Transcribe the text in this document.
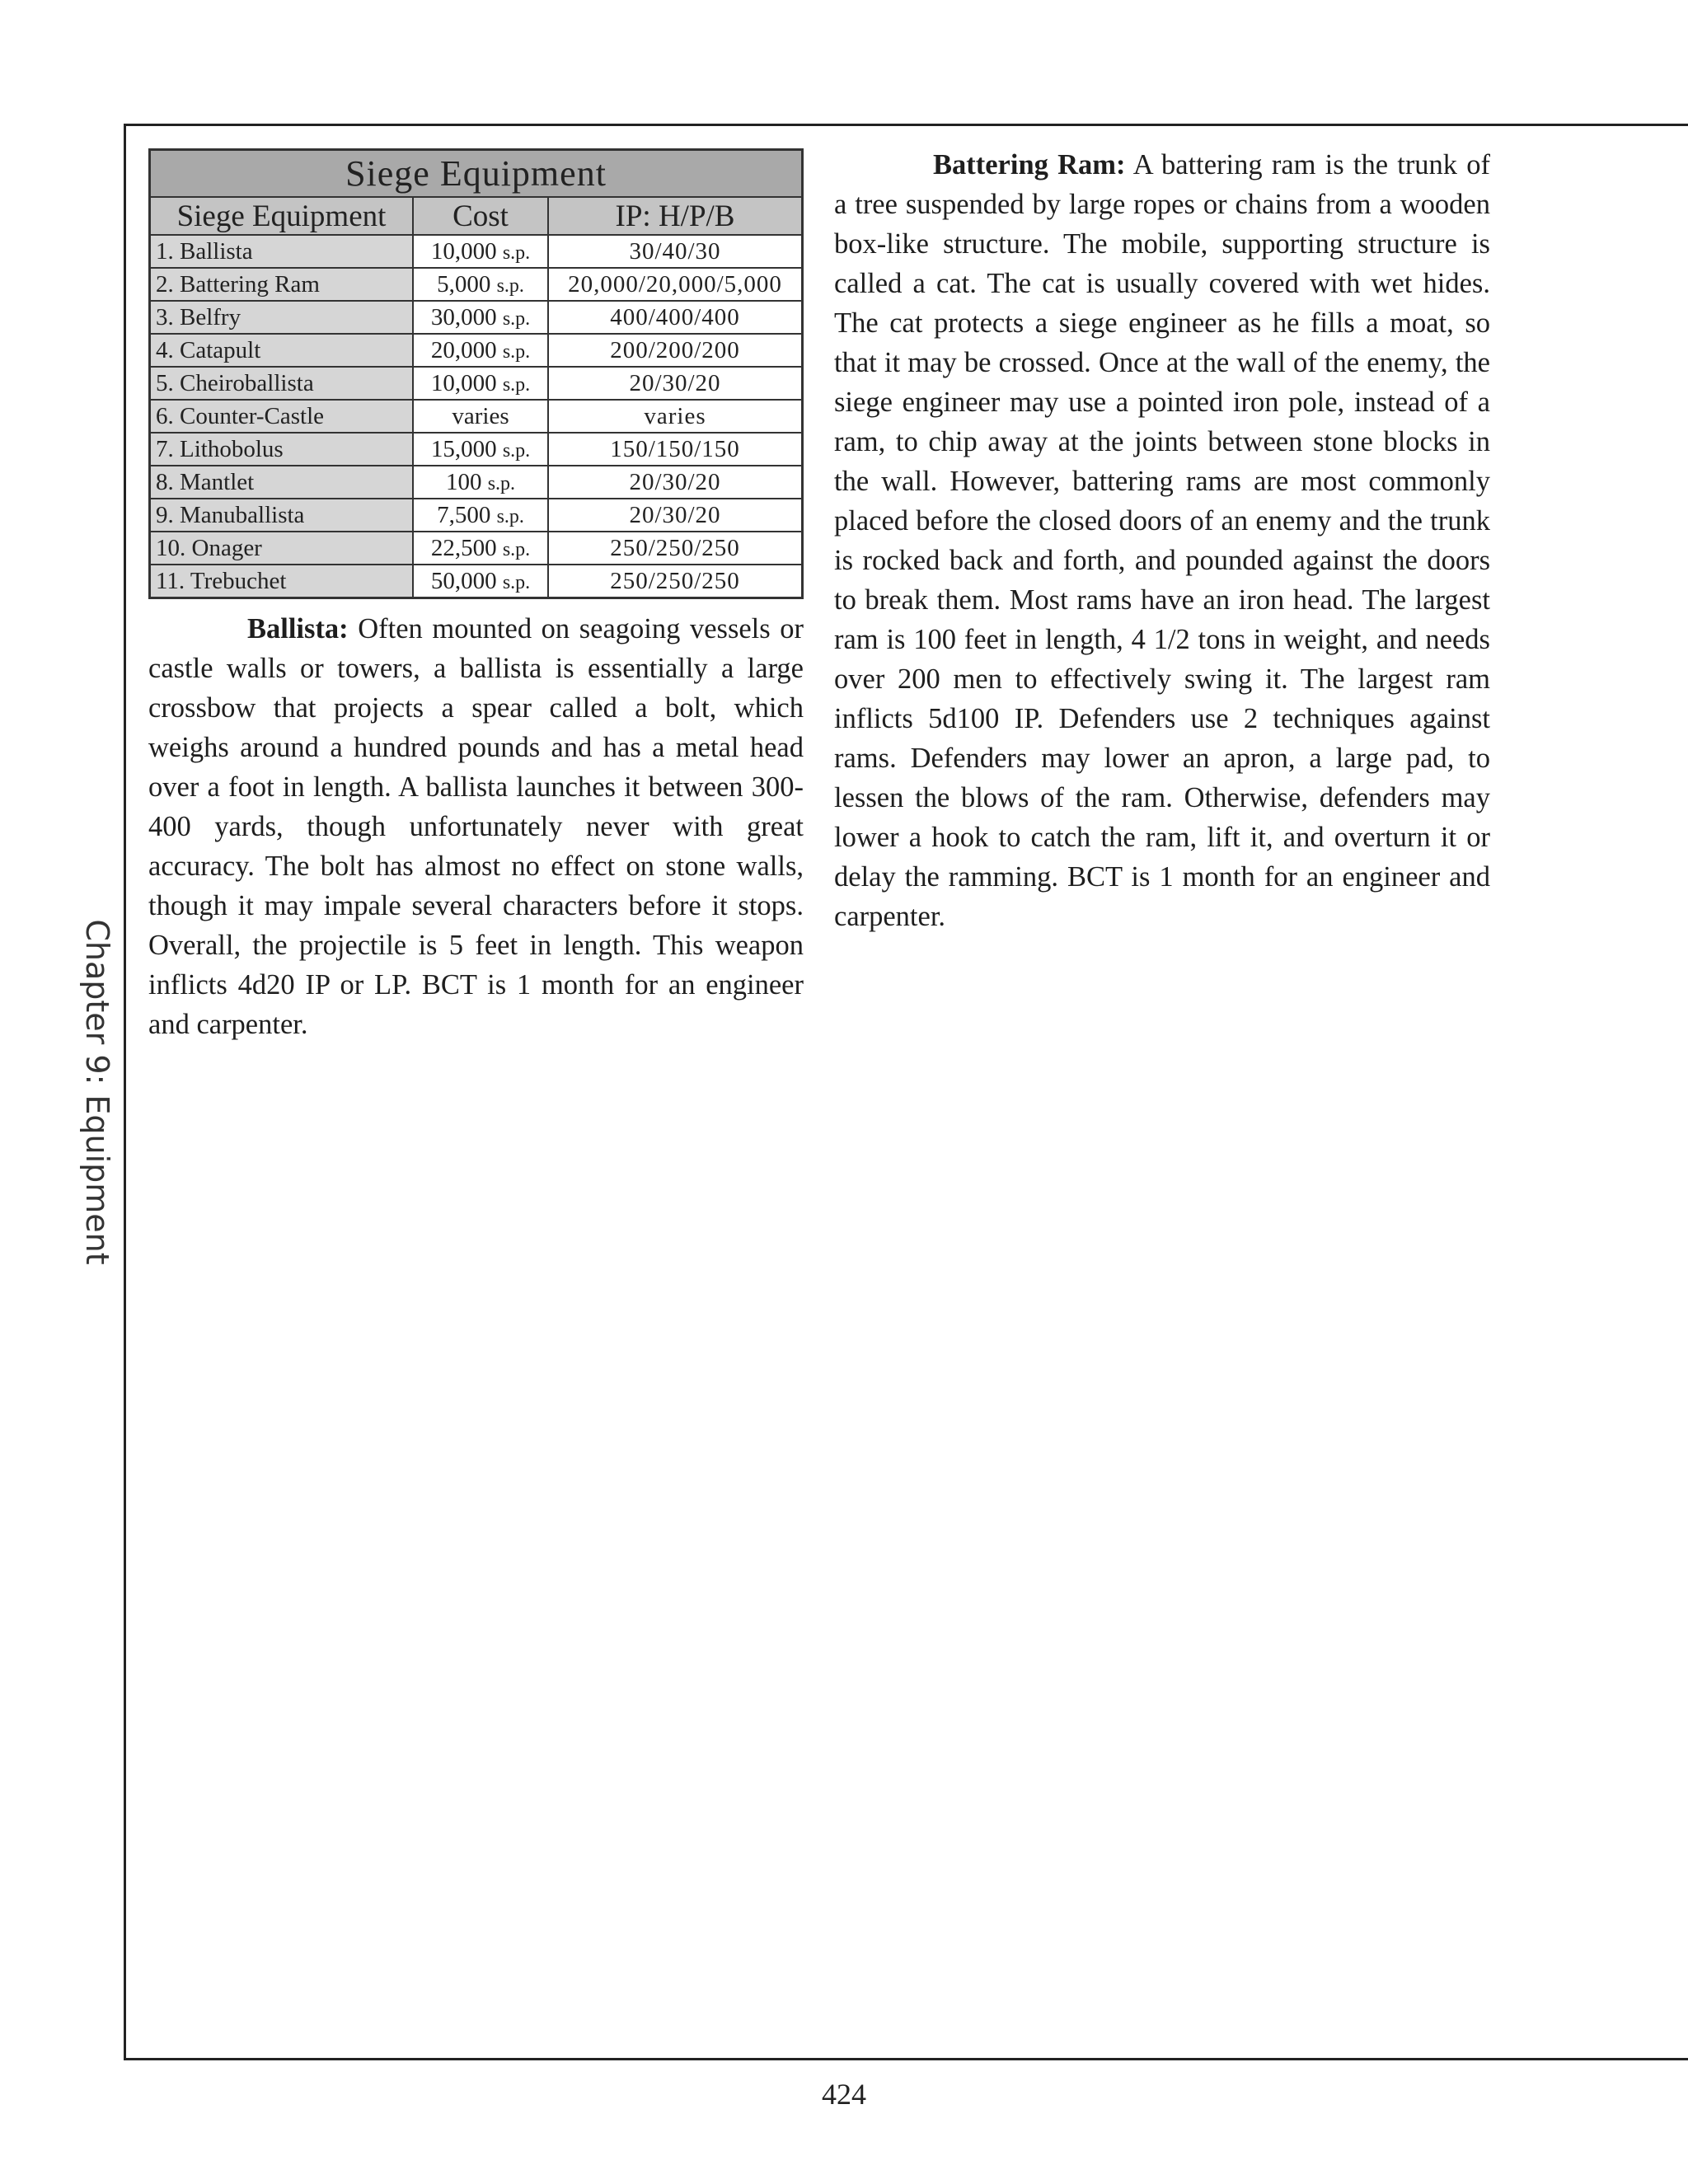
Chapter 9: Equipment
Siege Equipment		
Siege Equipment	Cost	IP: H/P/B
1. Ballista	10,000 s.p.	30/40/30
2. Battering Ram	5,000 s.p.	20,000/20,000/5,000
3. Belfry	30,000 s.p.	400/400/400
4. Catapult	20,000 s.p.	200/200/200
5. Cheiroballista	10,000 s.p.	20/30/20
6. Counter-Castle	varies	varies
7. Lithobolus	15,000 s.p.	150/150/150
8. Mantlet	100 s.p.	20/30/20
9. Manuballista	7,500 s.p.	20/30/20
10. Onager	22,500 s.p.	250/250/250
11. Trebuchet	50,000 s.p.	250/250/250

Ballista: Often mounted on seagoing vessels or castle walls or towers, a ballista is essentially a large crossbow that projects a spear called a bolt, which weighs around a hundred pounds and has a metal head over a foot in length. A ballista launches it between 300-400 yards, though unfortunately never with great accuracy. The bolt has almost no effect on stone walls, though it may impale several characters before it stops. Overall, the projectile is 5 feet in length. This weapon inflicts 4d20 IP or LP. BCT is 1 month for an engineer and carpenter.

Battering Ram: A battering ram is the trunk of a tree suspended by large ropes or chains from a wooden box-like structure. The mobile, supporting structure is called a cat. The cat is usually covered with wet hides. The cat protects a siege engineer as he fills a moat, so that it may be crossed. Once at the wall of the enemy, the siege engineer may use a pointed iron pole, instead of a ram, to chip away at the joints between stone blocks in the wall. However, battering rams are most commonly placed before the closed doors of an enemy and the trunk is rocked back and forth, and pounded against the doors to break them. Most rams have an iron head. The largest ram is 100 feet in length, 4 1/2 tons in weight, and needs over 200 men to effectively swing it. The largest ram inflicts 5d100 IP. Defenders use 2 techniques against rams. Defenders may lower an apron, a large pad, to lessen the blows of the ram. Otherwise, defenders may lower a hook to catch the ram, lift it, and overturn it or delay the ramming. BCT is 1 month for an engineer and carpenter.

424
